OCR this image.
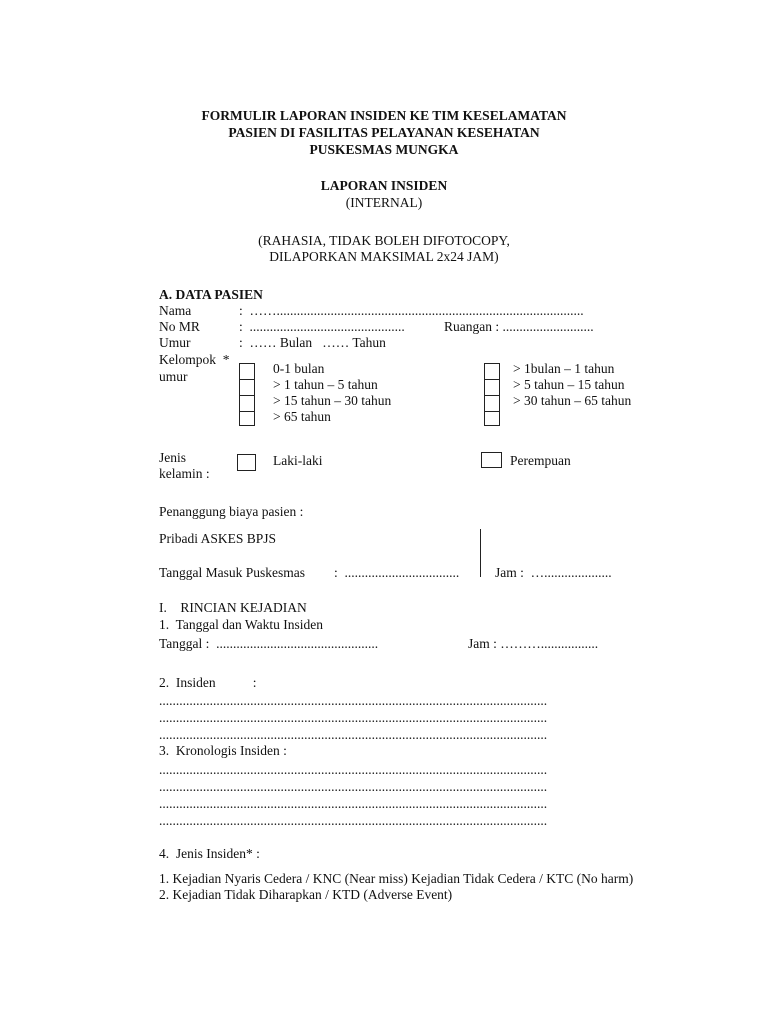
FORMULIR LAPORAN INSIDEN KE TIM KESELAMATAN
PASIEN DI FASILITAS PELAYANAN KESEHATAN
PUSKESMAS MUNGKA
LAPORAN INSIDEN
(INTERNAL)
(RAHASIA, TIDAK BOLEH DIFOTOCOPY,
DILAPORKAN MAKSIMAL 2x24 JAM)
A. DATA PASIEN
Nama	:  ……...........................................................................................
No MR	:  ..............................................	Ruangan : ...........................
Umur	:  …… Bulan   …… Tahun
Kelompok  *
umur
0-1 bulan
> 1 tahun – 5 tahun
> 15 tahun – 30 tahun
> 65 tahun
> 1bulan – 1 tahun
> 5 tahun – 15 tahun
> 30 tahun – 65 tahun
Jenis
kelamin :
Laki-laki	Perempuan
Penanggung biaya pasien :
Pribadi ASKES BPJS
Tanggal Masuk Puskesmas :  ..................................	Jam :  …....................
I.    RINCIAN KEJADIAN
1.  Tanggal dan Waktu Insiden
Tanggal :  ................................................	Jam : ……….................
2.  Insiden           :
...................................................................................................................
...................................................................................................................
...................................................................................................................
3.  Kronologis Insiden :
...................................................................................................................
...................................................................................................................
...................................................................................................................
...................................................................................................................
4.  Jenis Insiden* :
1. Kejadian Nyaris Cedera / KNC (Near miss) Kejadian Tidak Cedera / KTC (No harm)
2. Kejadian Tidak Diharapkan / KTD (Adverse Event)
